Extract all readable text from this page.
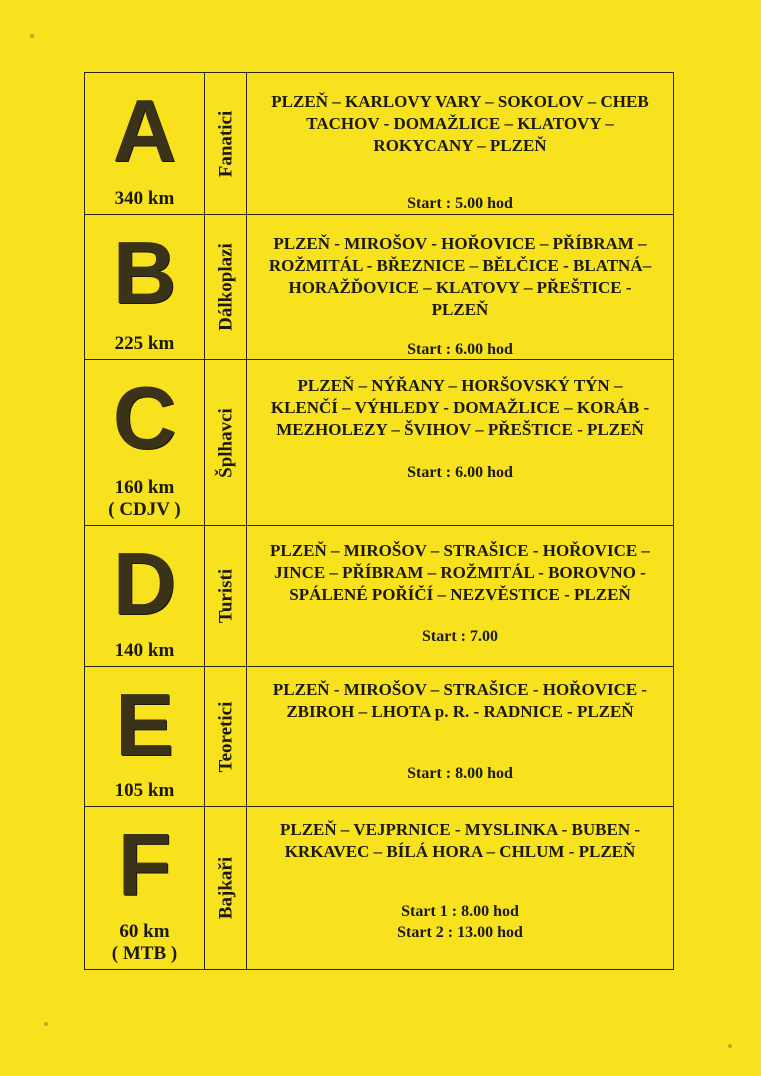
A
340 km
Fanatici
PLZEŇ – KARLOVY VARY – SOKOLOV – CHEB
TACHOV - DOMAŽLICE – KLATOVY –
ROKYCANY – PLZEŇ
Start : 5.00 hod
B
225 km
Dálkoplazi	PLZEŇ - MIROŠOV - HOŘOVICE – PŘÍBRAM –
ROŽMITÁL - BŘEZNICE – BĚLČICE - BLATNÁ–
HORAŽĎOVICE – KLATOVY – PŘEŠTICE -
PLZEŇ
Start : 6.00 hod
C
160 km
( CDJV )
Šplhavci
PLZEŇ – NÝŘANY – HORŠOVSKÝ TÝN –
KLENČÍ – VÝHLEDY - DOMAŽLICE – KORÁB -
MEZHOLEZY – ŠVIHOV – PŘEŠTICE - PLZEŇ
Start : 6.00 hod
D
140 km
Turisti
PLZEŇ – MIROŠOV – STRAŠICE - HOŘOVICE –
JINCE – PŘÍBRAM – ROŽMITÁL - BOROVNO -
SPÁLENÉ POŘÍČÍ – NEZVĚSTICE - PLZEŇ
Start : 7.00
E
105 km
Teoretici
PLZEŇ - MIROŠOV – STRAŠICE - HOŘOVICE -
ZBIROH – LHOTA p. R. - RADNICE - PLZEŇ
Start : 8.00 hod
F
60 km
( MTB )
Bajkaři
PLZEŇ – VEJPRNICE - MYSLINKA - BUBEN -
KRKAVEC – BÍLÁ HORA – CHLUM - PLZEŇ
Start 1 : 8.00 hod
Start 2 : 13.00 hod
